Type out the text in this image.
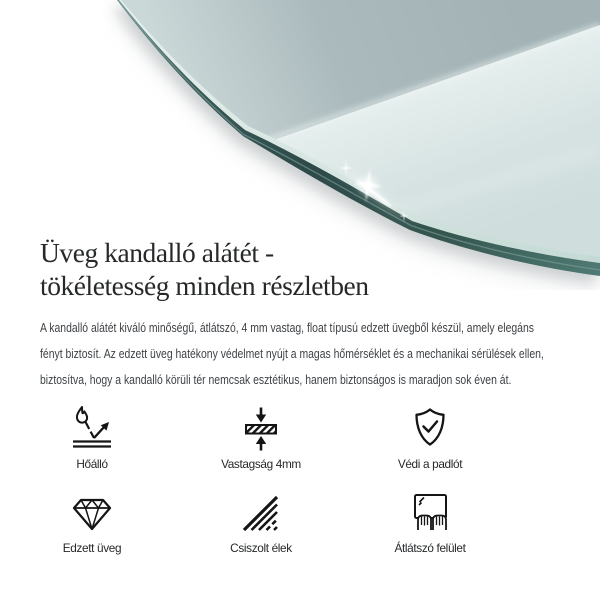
Üveg kandalló alátét -
tökéletesség minden részletben
A kandalló alátét kiváló minőségű, átlátszó, 4 mm vastag, float típusú edzett üvegből készül, amely elegáns
fényt biztosít. Az edzett üveg hatékony védelmet nyújt a magas hőmérséklet és a mechanikai sérülések ellen,
biztosítva, hogy a kandalló körüli tér nemcsak esztétikus, hanem biztonságos is maradjon sok éven át.
Hőálló	Vastagság 4mm	Védi a padlót
Edzett üveg	Csiszolt élek	Átlátszó felület
